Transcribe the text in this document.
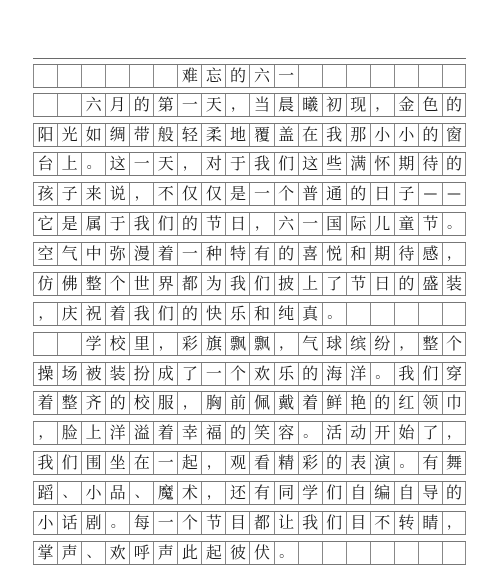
难 忘 的 六 一
六 月 的 第 一 天 ， 当 晨 曦 初 现 ， 金 色 的
阳 光 如 绸 带 般 轻 柔 地 覆 盖 在 我 那 小 小 的 窗
台 上 。 这 一 天 ， 对 于 我 们 这 些 满 怀 期 待 的
孩 子 来 说 ， 不 仅 仅 是 一 个 普 通 的 日 子 — —
它 是 属 于 我 们 的 节 日 ， 六 一 国 际 儿 童 节 。
空 气 中 弥 漫 着 一 种 特 有 的 喜 悦 和 期 待 感 ，
仿 佛 整 个 世 界 都 为 我 们 披 上 了 节 日 的 盛 装
， 庆 祝 着 我 们 的 快 乐 和 纯 真 。
学 校 里 ， 彩 旗 飘 飘 ， 气 球 缤 纷 ， 整 个
操 场 被 装 扮 成 了 一 个 欢 乐 的 海 洋 。 我 们 穿
着 整 齐 的 校 服 ， 胸 前 佩 戴 着 鲜 艳 的 红 领 巾
， 脸 上 洋 溢 着 幸 福 的 笑 容 。 活 动 开 始 了 ，
我 们 围 坐 在 一 起 ， 观 看 精 彩 的 表 演 。 有 舞
蹈 、 小 品 、 魔 术 ， 还 有 同 学 们 自 编 自 导 的
小 话 剧 。 每 一 个 节 目 都 让 我 们 目 不 转 睛 ，
掌 声 、 欢 呼 声 此 起 彼 伏 。
